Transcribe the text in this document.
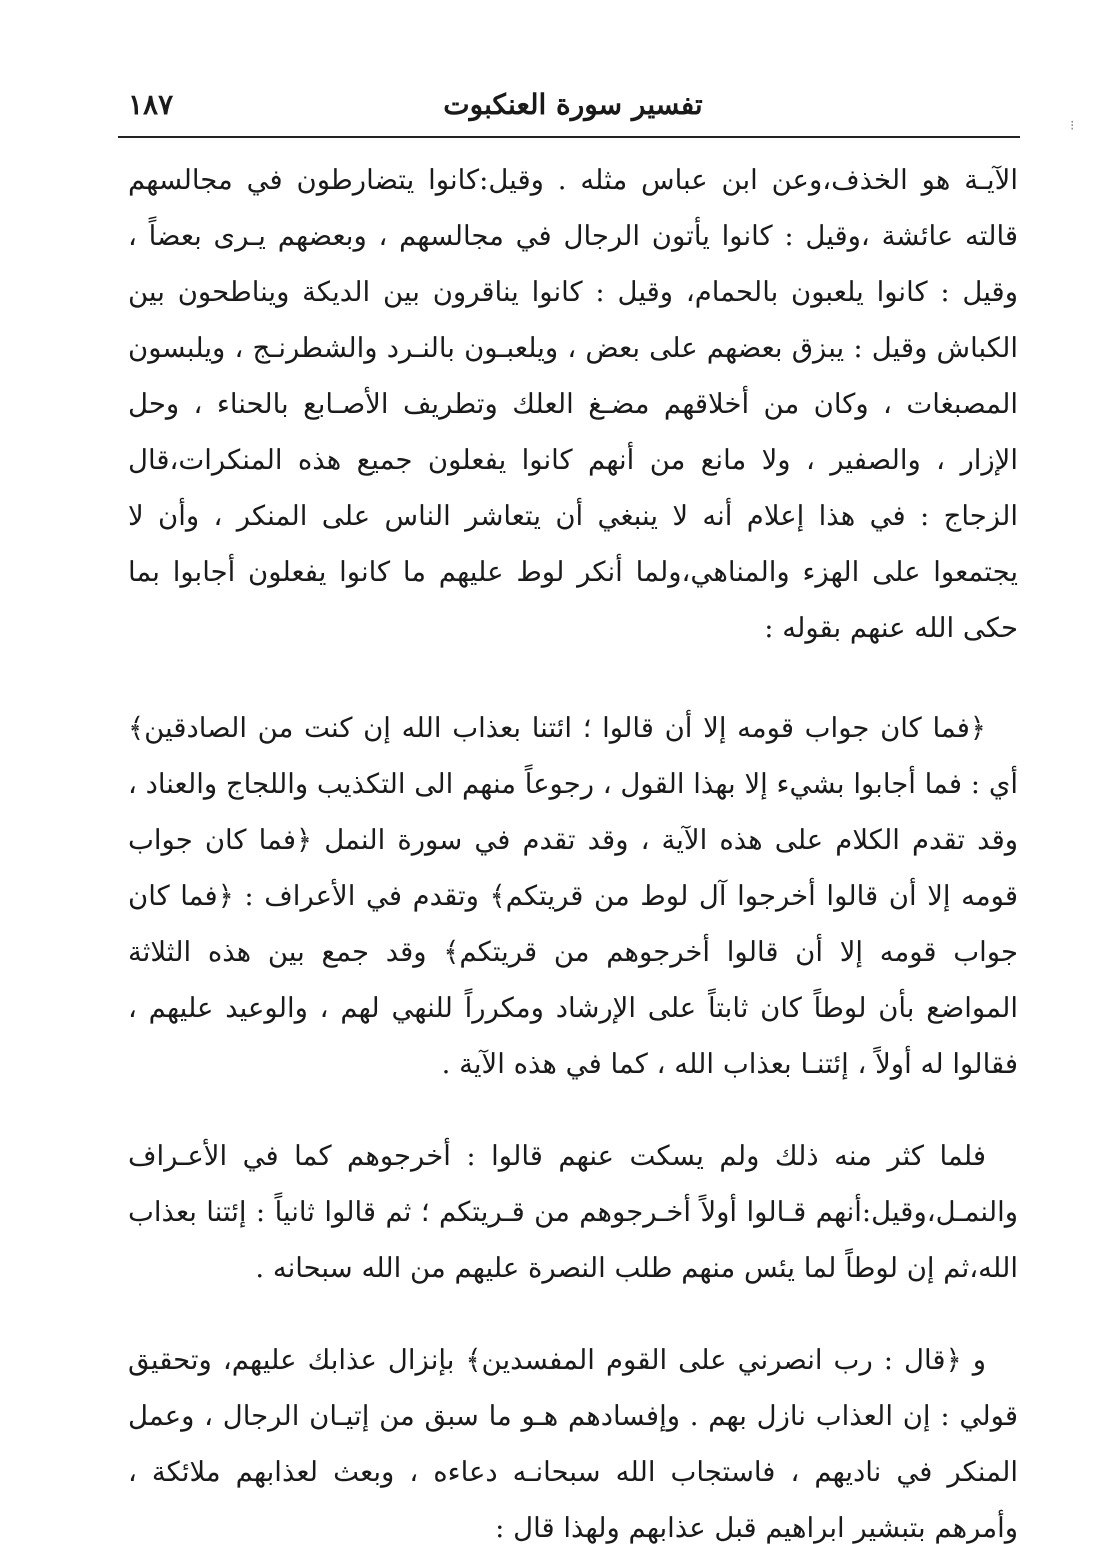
١٨٧	تفسير سورة العنكبوت
⁝

الآيـة هو الخذف،وعن ابن عباس مثله . وقيل:كانوا يتضارطون في مجالسهم قالته عائشة ،وقيل : كانوا يأتون الرجال في مجالسهم ، وبعضهم يـرى بعضاً ، وقيل : كانوا يلعبون بالحمام، وقيل : كانوا يناقرون بين الديكة ويناطحون بين الكباش وقيل : يبزق بعضهم على بعض ، ويلعبـون بالنـرد والشطرنـج ، ويلبسون المصبغات ، وكان من أخلاقهم مضـغ العلك وتطريف الأصـابع بالحناء ، وحل الإزار ، والصفير ، ولا مانع من أنهم كانوا يفعلون جميع هذه المنكرات،قال الزجاج : في هذا إعلام أنه لا ينبغي أن يتعاشر الناس على المنكر ، وأن لا يجتمعوا على الهزء والمناهي،ولما أنكر لوط عليهم ما كانوا يفعلون أجابوا بما حكى الله عنهم بقوله :

﴿فما كان جواب قومه إلا أن قالوا ؛ ائتنا بعذاب الله إن كنت من الصادقين﴾ أي : فما أجابوا بشيء إلا بهذا القول ، رجوعاً منهم الى التكذيب واللجاج والعناد ، وقد تقدم الكلام على هذه الآية ، وقد تقدم في سورة النمل ﴿فما كان جواب قومه إلا أن قالوا أخرجوا آل لوط من قريتكم﴾ وتقدم في الأعراف : ﴿فما كان جواب قومه إلا أن قالوا أخرجوهم من قريتكم﴾ وقد جمع بين هذه الثلاثة المواضع بأن لوطاً كان ثابتاً على الإرشاد ومكرراً للنهي لهم ، والوعيد عليهم ، فقالوا له أولاً ، إئتنـا بعذاب الله ، كما في هذه الآية .

فلما كثر منه ذلك ولم يسكت عنهم قالوا : أخرجوهم كما في الأعـراف والنمـل،وقيل:أنهم قـالوا أولاً أخـرجوهم من قـريتكم ؛ ثم قالوا ثانياً : إئتنا بعذاب الله،ثم إن لوطاً لما يئس منهم طلب النصرة عليهم من الله سبحانه .

و ﴿قال : رب انصرني على القوم المفسدين﴾ بإنزال عذابك عليهم، وتحقيق قولي : إن العذاب نازل بهم . وإفسادهم هـو ما سبق من إتيـان الرجال ، وعمل المنكر في ناديهم ، فاستجاب الله سبحانـه دعاءه ، وبعث لعذابهم ملائكة ، وأمرهم بتبشير ابراهيم قبل عذابهم ولهذا قال :
